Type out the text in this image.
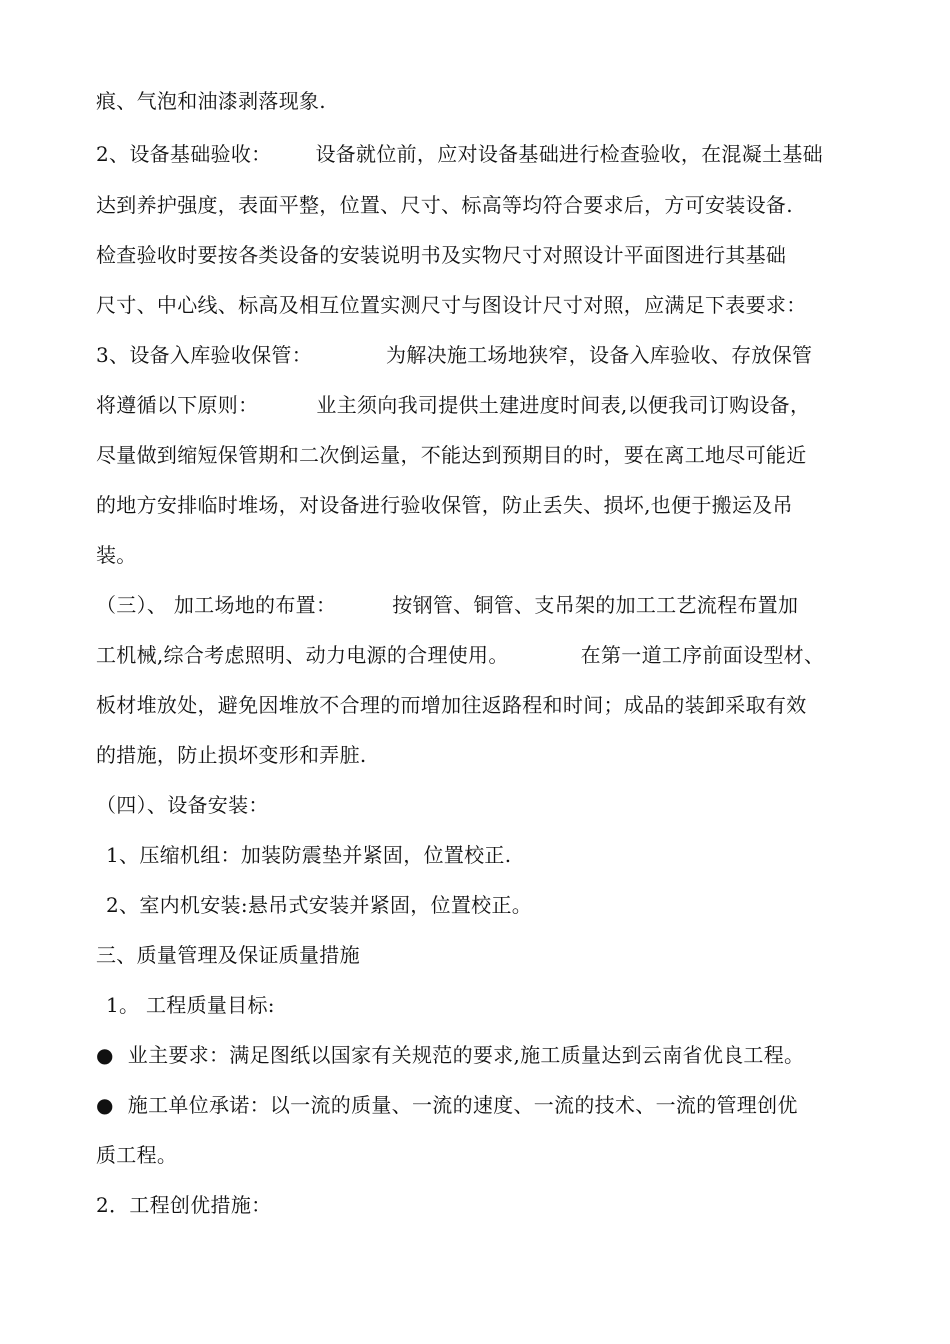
痕、气泡和油漆剥落现象.
2、设备基础验收： 设备就位前，应对设备基础进行检查验收，在混凝土基础
达到养护强度，表面平整，位置、尺寸、标高等均符合要求后，方可安装设备.
检查验收时要按各类设备的安装说明书及实物尺寸对照设计平面图进行其基础
尺寸、中心线、标高及相互位置实测尺寸与图设计尺寸对照，应满足下表要求：
3、设备入库验收保管：	为解决施工场地狭窄，设备入库验收、存放保管
将遵循以下原则：	业主须向我司提供土建进度时间表,以便我司订购设备，
尽量做到缩短保管期和二次倒运量，不能达到预期目的时，要在离工地尽可能近
的地方安排临时堆场，对设备进行验收保管，防止丢失、损坏,也便于搬运及吊
装。
（三）、 加工场地的布置：	按钢管、铜管、支吊架的加工工艺流程布置加
工机械,综合考虑照明、动力电源的合理使用。	在第一道工序前面设型材、
板材堆放处，避免因堆放不合理的而增加往返路程和时间；成品的装卸采取有效
的措施，防止损坏变形和弄脏.
（四）、设备安装：
1、压缩机组：加装防震垫并紧固，位置校正.
2、室内机安装:悬吊式安装并紧固，位置校正。
三、质量管理及保证质量措施
1。 工程质量目标:
● 业主要求：满足图纸以国家有关规范的要求,施工质量达到云南省优良工程。
● 施工单位承诺：以一流的质量、一流的速度、一流的技术、一流的管理创优
质工程。
2．工程创优措施：
